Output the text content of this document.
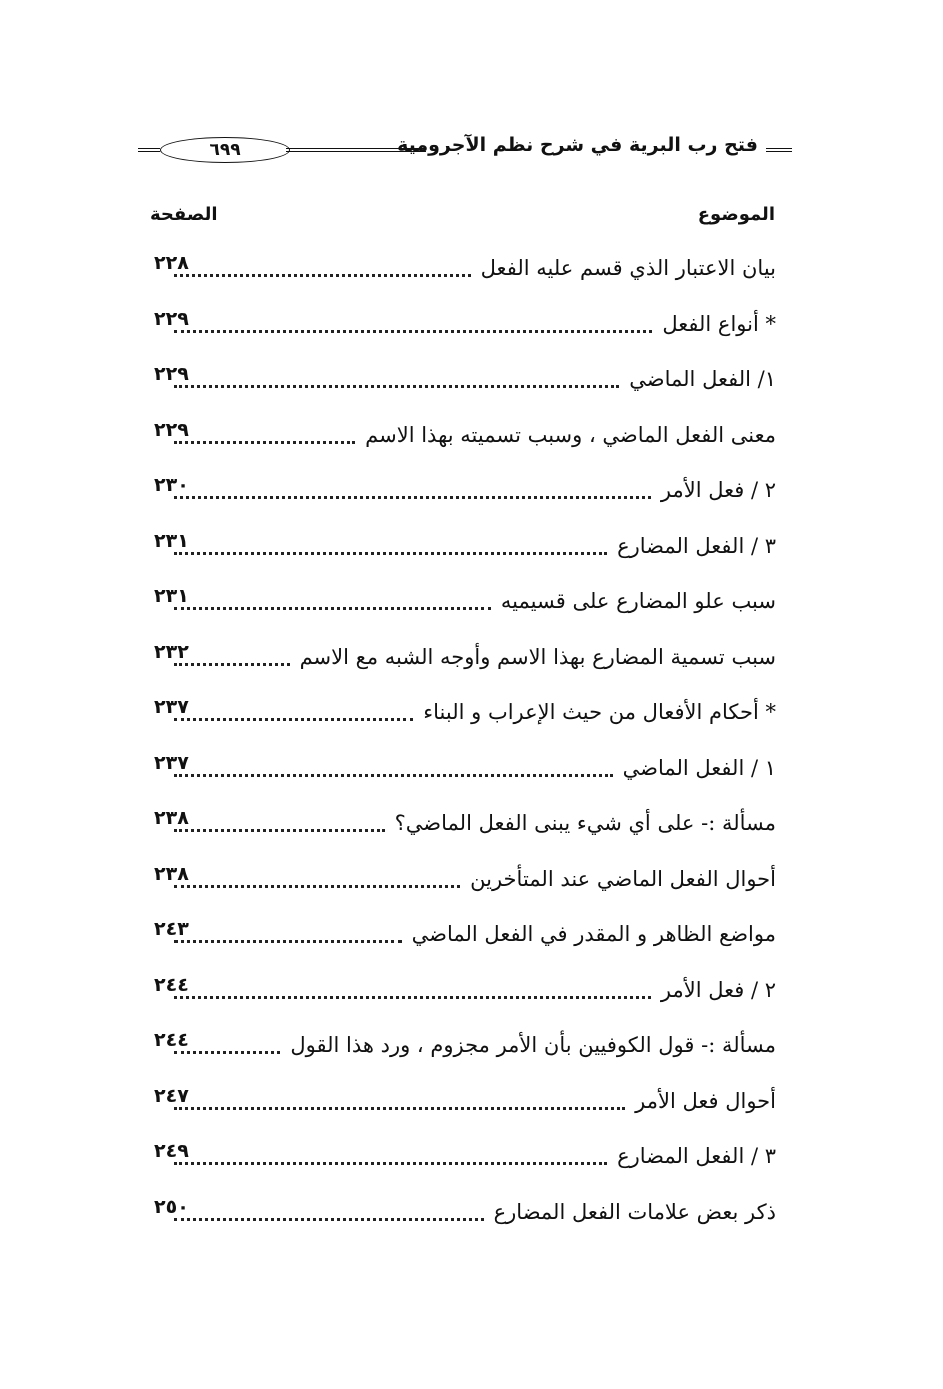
فتح رب البرية في شرح نظم الآجرومية
٦٩٩
الموضوع
الصفحة
بيان الاعتبار الذي قسم عليه الفعل
٢٢٨
* أنواع الفعل
٢٢٩
١/ الفعل الماضي
٢٢٩
معنى الفعل الماضي ، وسبب تسميته بهذا الاسم
٢٢٩
٢ / فعل الأمر
٢٣٠
٣ / الفعل المضارع
٢٣١
سبب علو المضارع على قسيميه
٢٣١
سبب تسمية المضارع بهذا الاسم وأوجه الشبه مع الاسم
٢٣٢
* أحكام الأفعال من حيث الإعراب و البناء
٢٣٧
١ / الفعل الماضي
٢٣٧
مسألة :- على أي شيء يبنى الفعل الماضي؟
٢٣٨
أحوال الفعل الماضي عند المتأخرين
٢٣٨
مواضع الظاهر و المقدر في الفعل الماضي
٢٤٣
٢ / فعل الأمر
٢٤٤
مسألة :- قول الكوفيين بأن الأمر مجزوم ، ورد هذا القول
٢٤٤
أحوال فعل الأمر
٢٤٧
٣ / الفعل المضارع
٢٤٩
ذكر بعض علامات الفعل المضارع
٢٥٠
